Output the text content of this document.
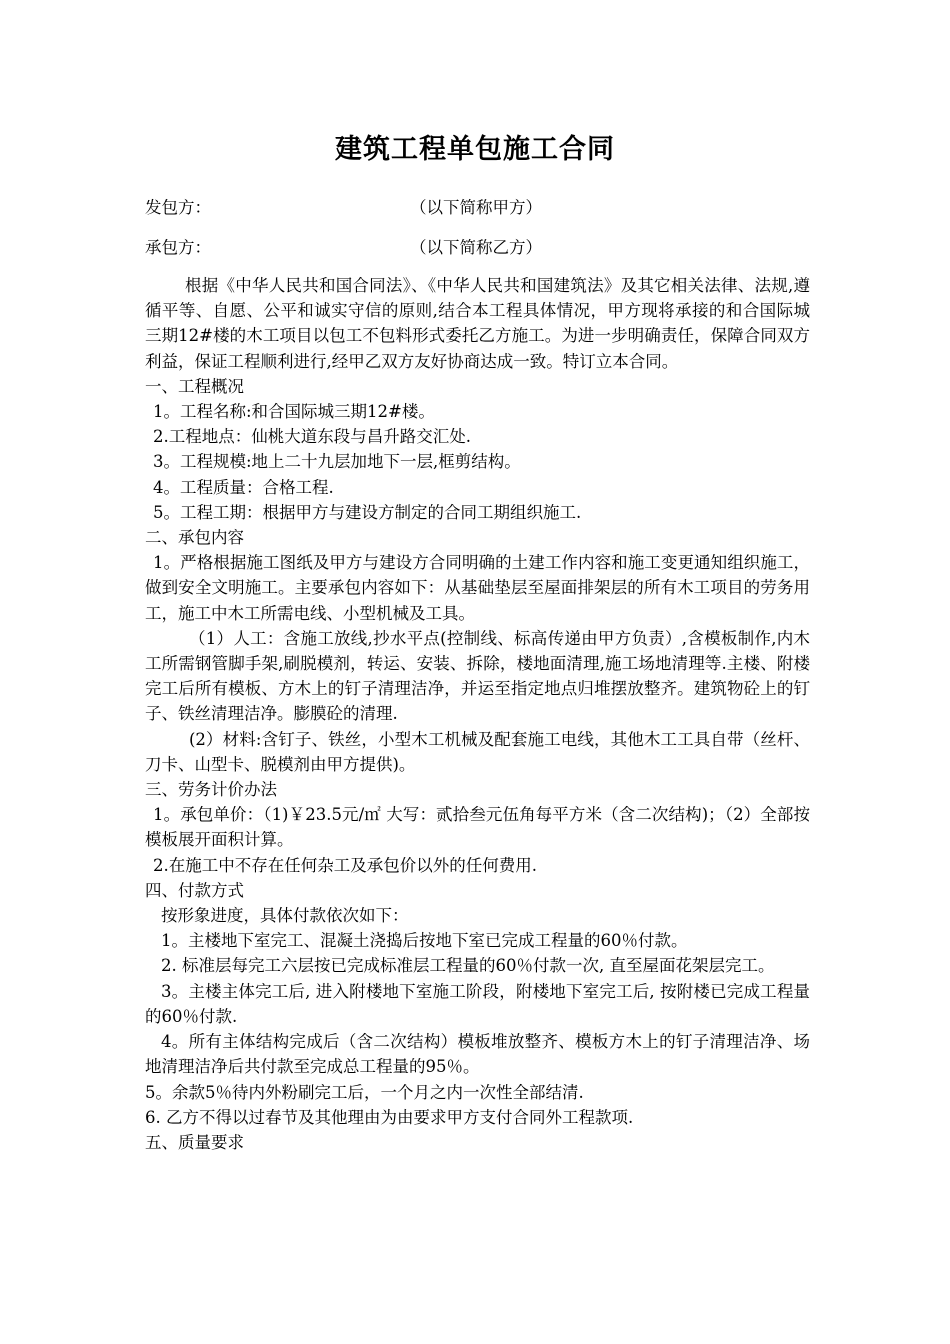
建筑工程单包施工合同
发包方：	（以下简称甲方）
承包方：	（以下简称乙方）

根据《中华人民共和国合同法》、《中华人民共和国建筑法》及其它相关法律、法规,遵循平等、自愿、公平和诚实守信的原则,结合本工程具体情况，甲方现将承接的和合国际城三期12#楼的木工项目以包工不包料形式委托乙方施工。为进一步明确责任，保障合同双方利益，保证工程顺利进行,经甲乙双方友好协商达成一致。特订立本合同。

一、工程概况

1。工程名称:和合国际城三期12#楼。

2.工程地点：仙桃大道东段与昌升路交汇处.

3。工程规模:地上二十九层加地下一层,框剪结构。

4。工程质量：合格工程.

5。工程工期：根据甲方与建设方制定的合同工期组织施工.

二、承包内容

1。严格根据施工图纸及甲方与建设方合同明确的土建工作内容和施工变更通知组织施工，做到安全文明施工。主要承包内容如下：从基础垫层至屋面排架层的所有木工项目的劳务用工，施工中木工所需电线、小型机械及工具。

（1）人工：含施工放线,抄水平点(控制线、标高传递由甲方负责）,含模板制作,内木工所需钢管脚手架,刷脱模剂，转运、安装、拆除，楼地面清理,施工场地清理等.主楼、附楼完工后所有模板、方木上的钉子清理洁净，并运至指定地点归堆摆放整齐。建筑物砼上的钉子、铁丝清理洁净。膨膜砼的清理.

(2）材料:含钉子、铁丝，小型木工机械及配套施工电线，其他木工工具自带（丝杆、刀卡、山型卡、脱模剂由甲方提供)。

三、劳务计价办法

1。承包单价：（1)￥23.5元/㎡ 大写：贰拾叁元伍角每平方米（含二次结构)；（2）全部按模板展开面积计算。

2.在施工中不存在任何杂工及承包价以外的任何费用.

四、付款方式

按形象进度，具体付款依次如下：

1。主楼地下室完工、混凝土浇捣后按地下室已完成工程量的60％付款。

2. 标准层每完工六层按已完成标准层工程量的60％付款一次, 直至屋面花架层完工。

3。主楼主体完工后, 进入附楼地下室施工阶段，附楼地下室完工后, 按附楼已完成工程量的60％付款.

4。所有主体结构完成后（含二次结构）模板堆放整齐、模板方木上的钉子清理洁净、场地清理洁净后共付款至完成总工程量的95％。

5。余款5％待内外粉刷完工后，一个月之内一次性全部结清.

6. 乙方不得以过春节及其他理由为由要求甲方支付合同外工程款项.

五、质量要求
